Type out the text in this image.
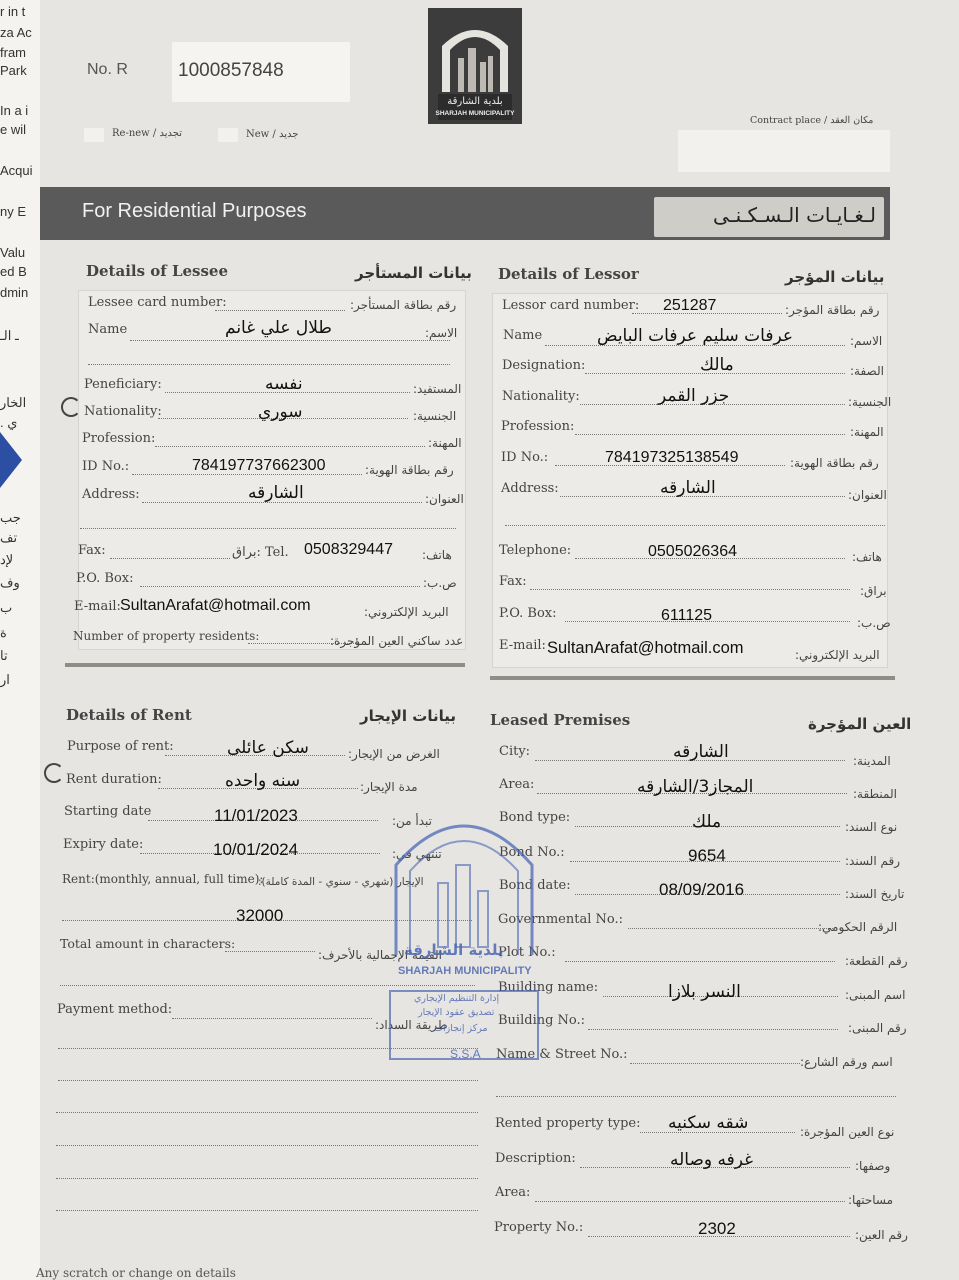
r in t
za Ac
fram
Park
In a i
e wil
Acqui
ny E
Valu
ed B
dmin
ـ الـ
الخار
. ي
جب
تف
لإد
وف
ب
ة
تا
ار
No. R	1000857848
Re-new / تجديد	New / جديد
بلدية الشارقة
SHARJAH MUNICIPALITY
Contract place / مكان العقد
For Residential Purposes	لـغـايـات الـسـكـنـى
Details of Lessee	بيانات المستأجر
Lessee card number:	رقم بطاقة المستأجر:
Name	طلال علي غانم	الاسم:
Peneficiary:	نفسه	المستفيد:
Nationality:	سوري	الجنسية:
Profession:	المهنة:
ID No.:	784197737662300	رقم بطاقة الهوية:
Address:	الشارقه	العنوان:
Fax:	براق: Tel. 0508329447 هاتف:
P.O. Box:	ص.ب:
E-mail: SultanArafat@hotmail.com	البريد الإلكتروني:
Number of property residents:	عدد ساكني العين المؤجرة:
Details of Lessor	بيانات المؤجر
Lessor card number: 251287	رقم بطاقة المؤجر:
Name	عرفات سليم عرفات البايض	الاسم:
Designation:	مالك	الصفة:
Nationality:	جزر القمر	الجنسية:
Profession:	المهنة:
ID No.:	784197325138549	رقم بطاقة الهوية:
Address:	الشارقه	العنوان:
Telephone:	0505026364	هاتف:
Fax:
براق:
P.O. Box:	611125	ص.ب:
E-mail: SultanArafat@hotmail.com	البريد الإلكتروني:
Details of Rent	بيانات الإيجار
Purpose of rent:	سكن عائلى	الغرض من الإيجار:
Rent duration:	سنه واحده	مدة الإيجار:
Starting date	11/01/2023	تبدأ من:
Expiry date:	10/01/2024	تنتهي في:
Rent:(monthly, annual, full time):
الإيجار (شهري - سنوي - المدة كاملة):
32000
Total amount in characters:
القيمة الإجمالية بالأحرف:
Payment method:
طريقة السداد:
Leased Premises	العين المؤجرة
City:	الشارقه	المدينة:
Area:	المجاز3/الشارقه	المنطقة:
Bond type:	ملك	نوع السند:
Bond No.:	9654	رقم السند:
Bond date:	08/09/2016	تاريخ السند:
Governmental No.:	الرقم الحكومي:
Plot No.:
رقم القطعة:
Building name:	النسر بلازا	اسم المبنى:
Building No.:	رقم المبنى:
Name & Street No.:	اسم ورقم الشارع:
Rented property type: شقه سكنيه	نوع العين المؤجرة:
Description:	غرفه وصاله	وصفها:
Area:	مساحتها:
Property No.:	2302	رقم العين:
بلدية الشارقة
SHARJAH MUNICIPALITY
إدارة التنظيم الإيجاري
تصديق عقود الإيجار
مركز إنجازات
S.S.A
Any scratch or change on details
